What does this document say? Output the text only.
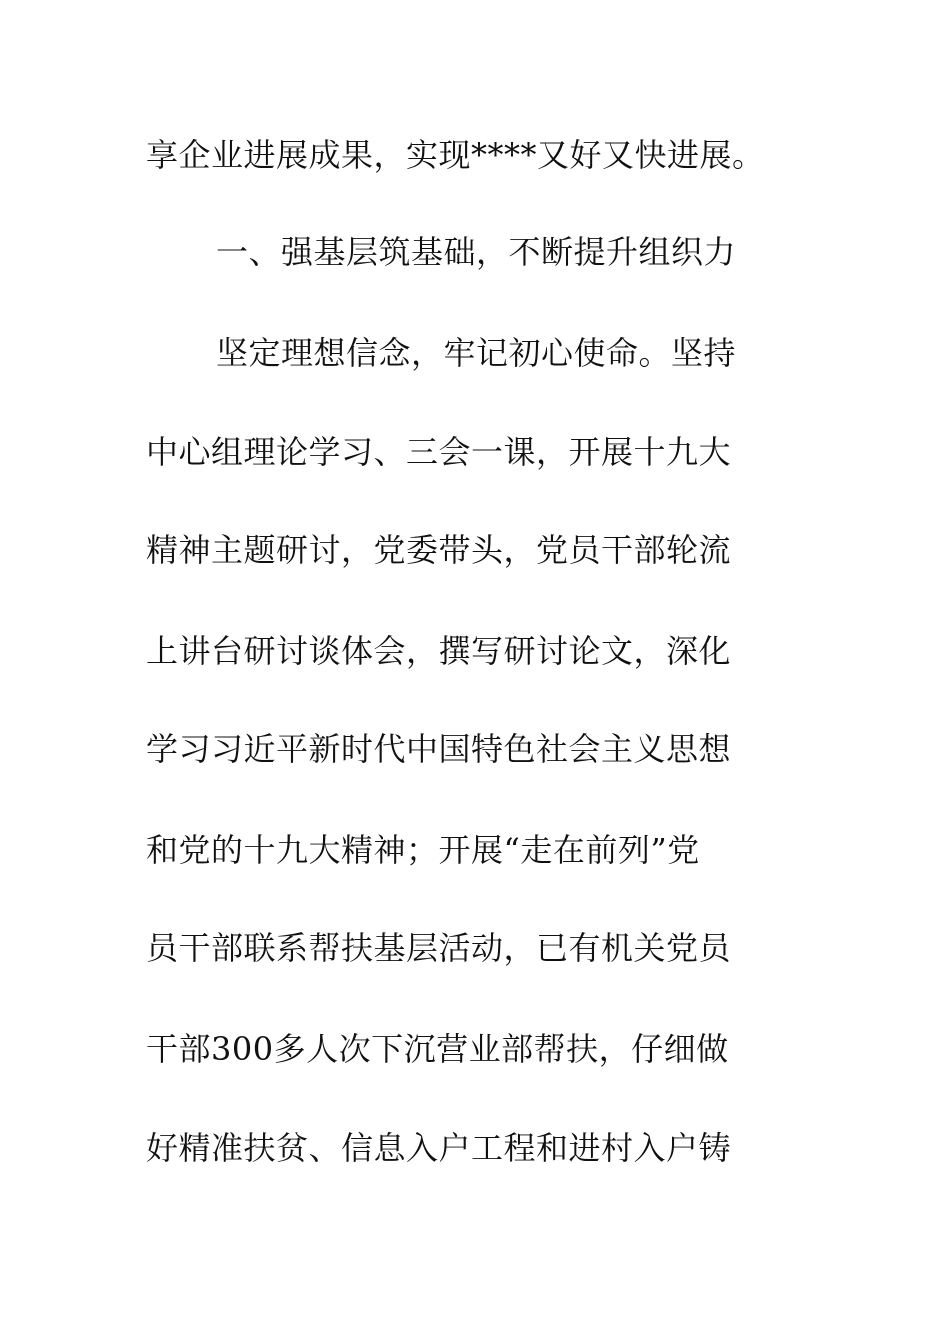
享企业进展成果，实现****又好又快进展。
一、强基层筑基础，不断提升组织力
坚定理想信念，牢记初心使命。坚持
中心组理论学习、三会一课，开展十九大
精神主题研讨，党委带头，党员干部轮流
上讲台研讨谈体会，撰写研讨论文，深化
学习习近平新时代中国特色社会主义思想
和党的十九大精神；开展“走在前列”党
员干部联系帮扶基层活动，已有机关党员
干部300多人次下沉营业部帮扶，仔细做
好精准扶贫、信息入户工程和进村入户铸
